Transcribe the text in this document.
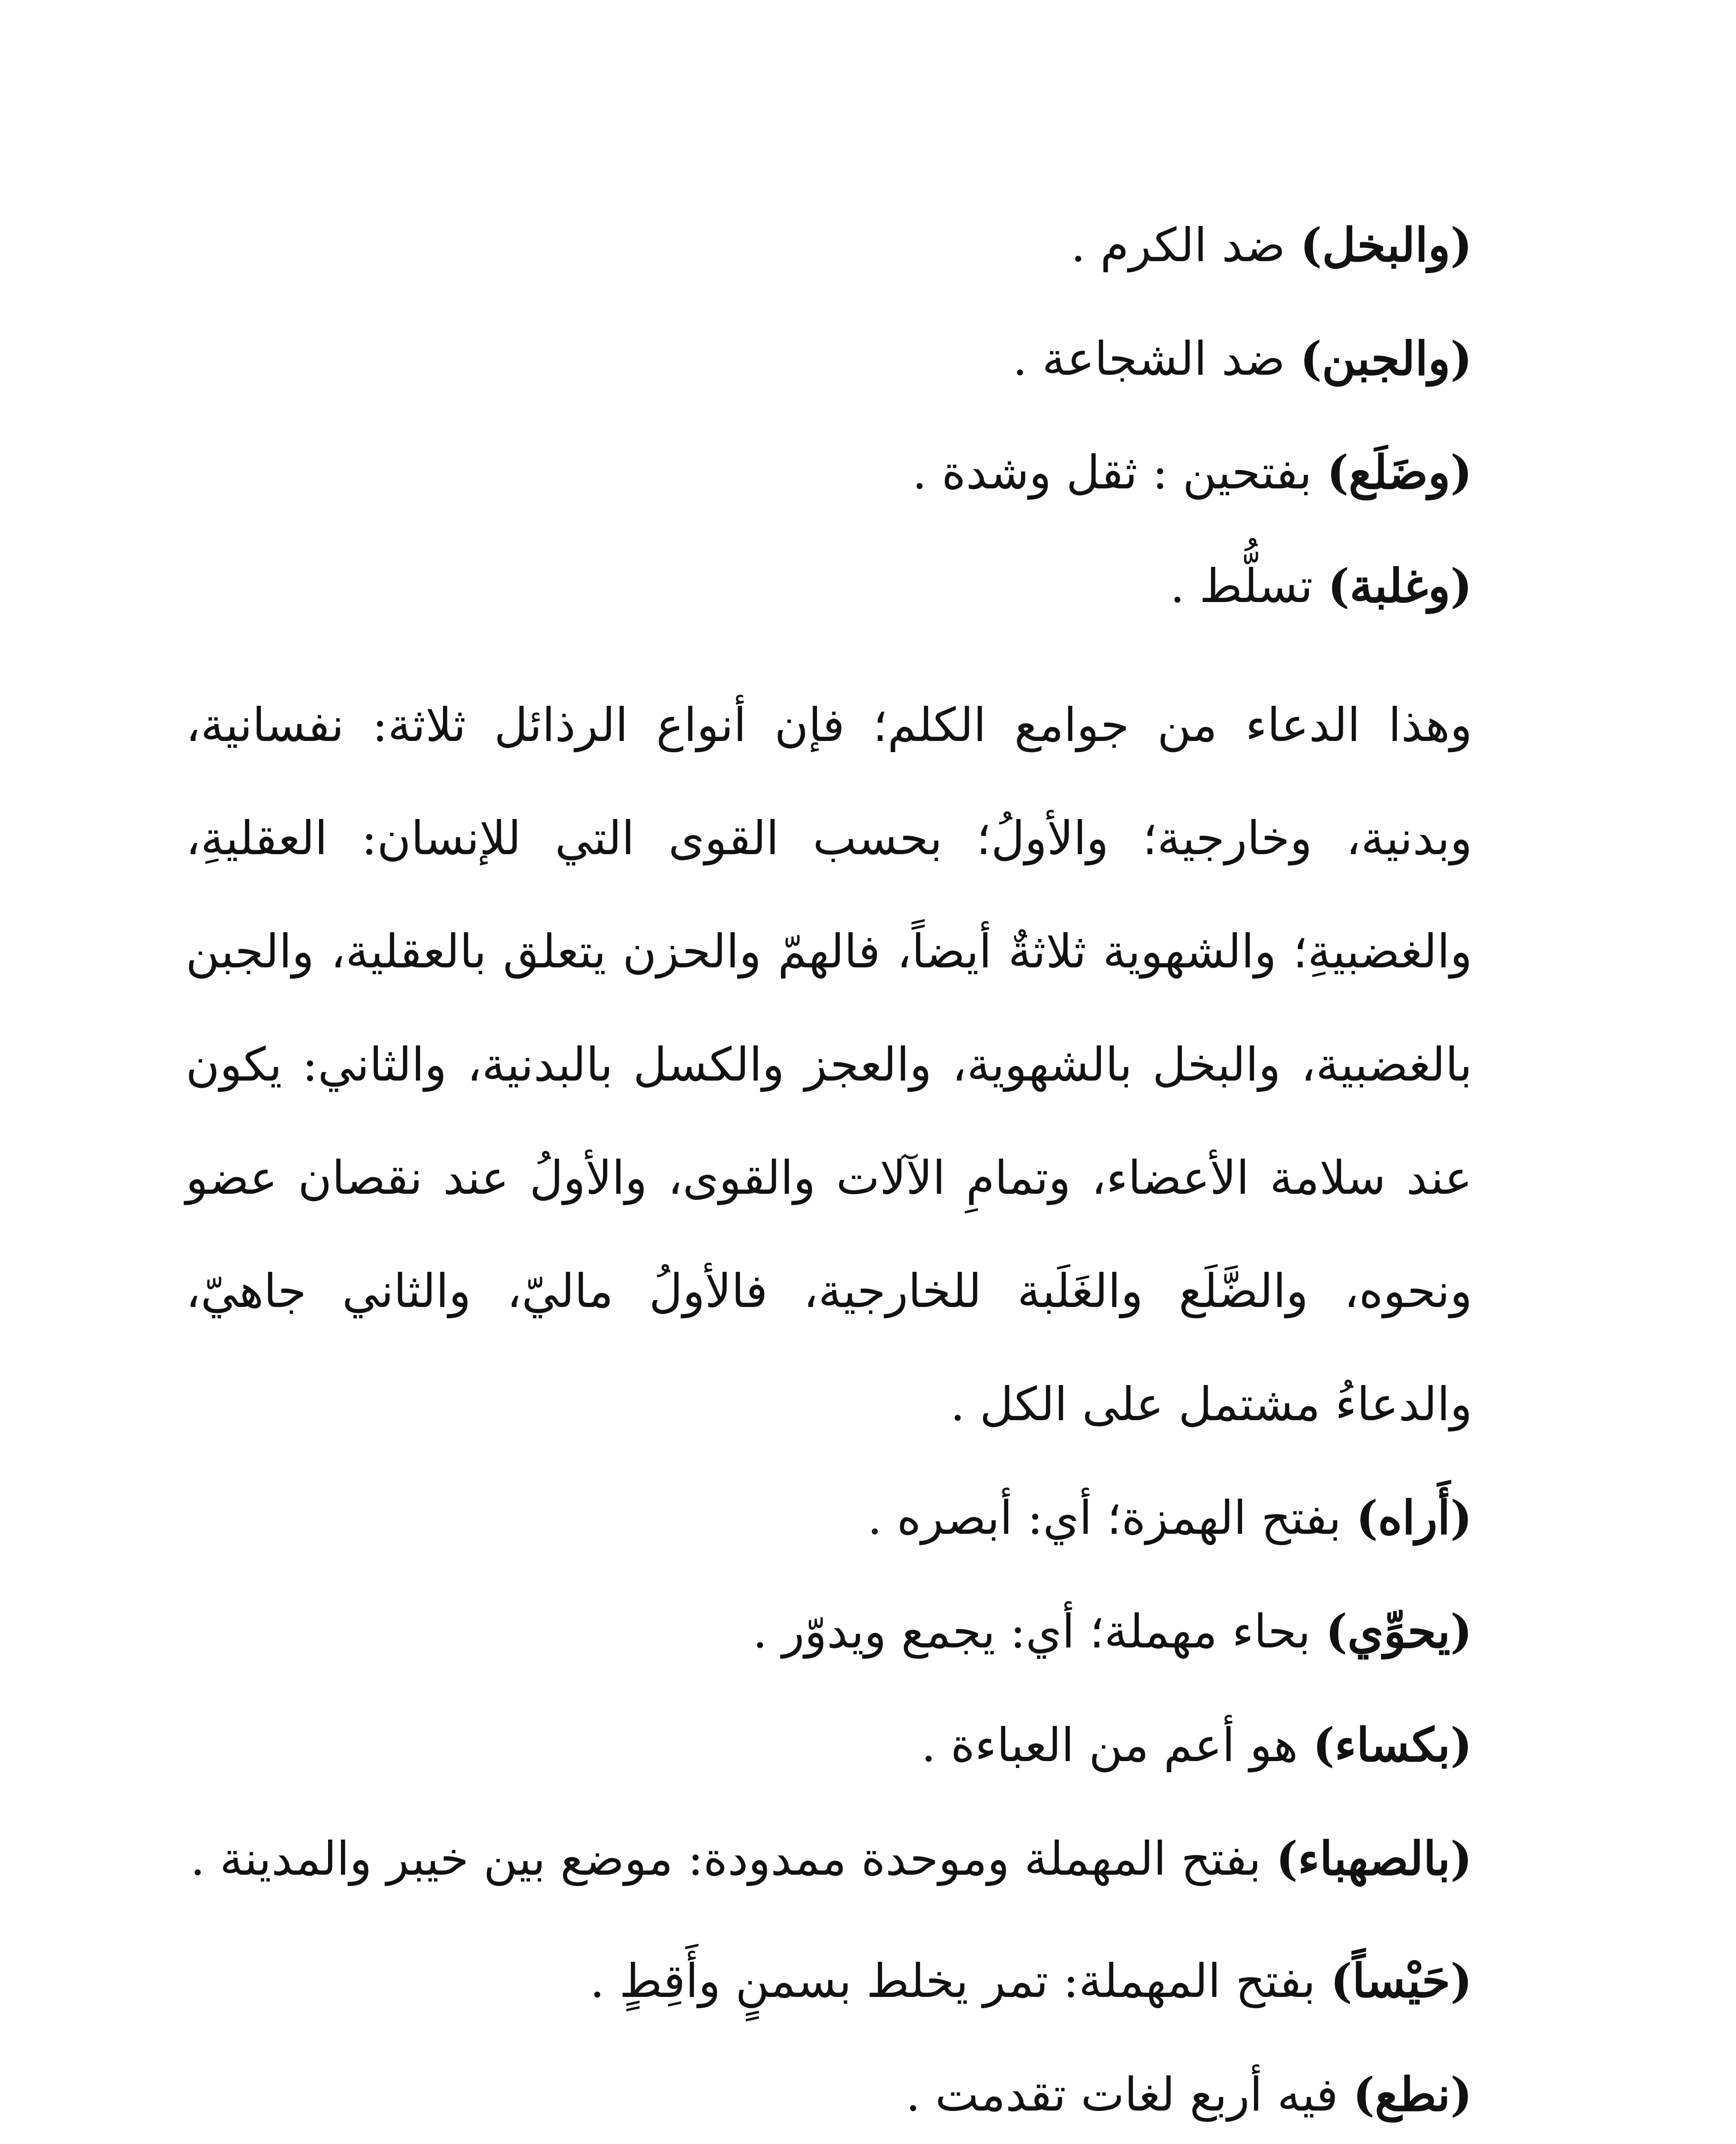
(والبخل) ضد الكرم .

(والجبن) ضد الشجاعة .

(وضَلَع) بفتحين : ثقل وشدة .

(وغلبة) تسلُّط .

وهذا الدعاء من جوامع الكلم؛ فإن أنواع الرذائل ثلاثة: نفسانية، وبدنية، وخارجية؛ والأولُ؛ بحسب القوى التي للإنسان: العقليةِ، والغضبيةِ؛ والشهوية ثلاثةٌ أيضاً، فالهمّ والحزن يتعلق بالعقلية، والجبن بالغضبية، والبخل بالشهوية، والعجز والكسل بالبدنية، والثاني: يكون عند سلامة الأعضاء، وتمامِ الآلات والقوى، والأولُ عند نقصان عضو ونحوه، والضَّلَع والغَلَبة للخارجية، فالأولُ ماليّ، والثاني جاهيّ، والدعاءُ مشتمل على الكل .

(أَراه) بفتح الهمزة؛ أي: أبصره .

(يحوِّي) بحاء مهملة؛ أي: يجمع ويدوّر .

(بكساء) هو أعم من العباءة .

(بالصهباء) بفتح المهملة وموحدة ممدودة: موضع بين خيبر والمدينة .

(حَيْساً) بفتح المهملة: تمر يخلط بسمنٍ وأَقِطٍ .

(نطع) فيه أربع لغات تقدمت .
